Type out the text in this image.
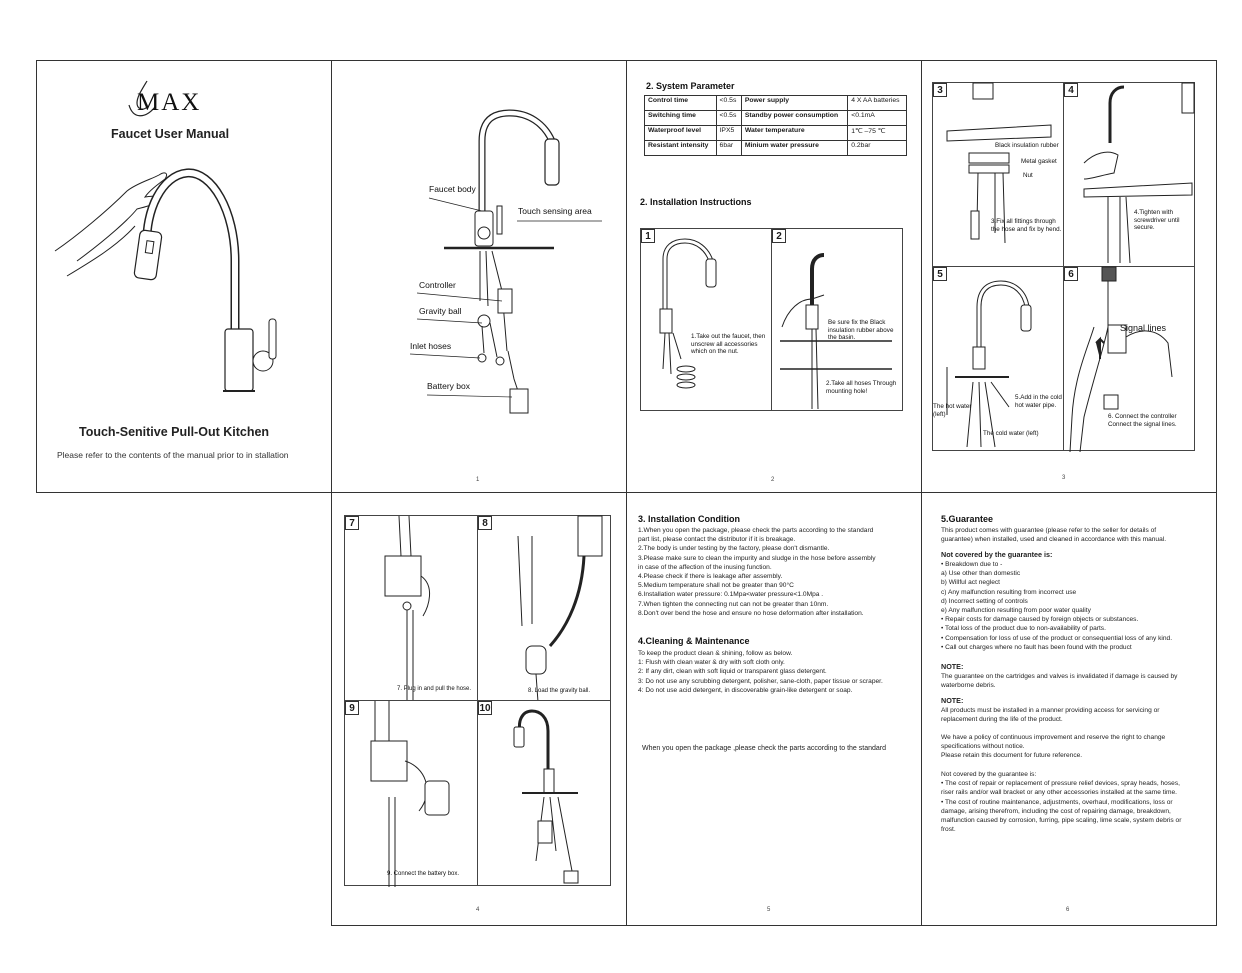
MAX
Faucet User Manual
Touch-Senitive Pull-Out Kitchen
Please refer to the contents of the manual prior to in stallation
Faucet body
Touch sensing area
Controller
Gravity ball
Inlet hoses
Battery box
1
2. System Parameter
Control time	<0.5s	Power supply	4 X AA batteries
Switching time	<0.5s	Standby power consumption	<0.1mA
Waterproof level	IPX5	Water temperature	1℃ –75 ℃
Resistant intensity	6bar	Minium water pressure	0.2bar
2. Installation Instructions
1
1.Take out the faucet, then unscrew all accessories which on the nut.
2
Be sure fix the Black insulation rubber above the basin.
2.Take all hoses Through mounting hole!
2
3
Black insulation rubber
Metal gasket
Nut
3.Fix all fittings through the hose and fix by hend.
4
4.Tighten with screwdriver until secure.
5
The hot water (left)
5.Add in the cold hot water pipe.
The cold water (left)
6
Signal lines
6. Connect the controller Connect the signal lines.
3
7
7. Plug in and pull the hose.
8
8. Load the gravity ball.
9
9. Connect the battery box.
10
4
3. Installation Condition
1.When you open the package, please check the parts according to the standard
part list, please contact the distributor if it is breakage.
2.The body is under testing by the factory, please don't dismantle.
3.Please make sure to clean the impurity and sludge in the hose before assembly
in case of the affection of the inusing function.
4.Please check if there is leakage after assembly.
5.Medium temperature shall not be greater than 90°C
6.Installation water pressure: 0.1Mpa<water pressure<1.0Mpa .
7.When tighten the connecting nut can not be greater than 10nm.
8.Don't over bend the hose and ensure no hose deformation after installation.
4.Cleaning & Maintenance
To keep the product clean & shining, follow as below.
1: Flush with clean water & dry with soft cloth only.
2: If any dirt, clean with soft liquid or transparent glass detergent.
3: Do not use any scrubbing detergent, polisher, sane-cloth, paper tissue or scraper.
4: Do not use acid detergent, in discoverable grain-like detergent or soap.
When you open the package ,please check the parts according to the standard
5
5.Guarantee
This product comes with guarantee (please refer to the seller for details of
guarantee) when installed, used and cleaned in accordance with this manual.
Not covered by the guarantee is:
• Breakdown due to -
a) Use other than domestic
b) Willful act neglect
c) Any malfunction resulting from incorrect use
d) Incorrect setting of controls
e) Any malfunction resulting from poor water quality
• Repair costs for damage caused by foreign objects or substances.
• Total loss of the product due to non-availability of parts.
• Compensation for loss of use of the product or consequential loss of any kind.
• Call out charges where no fault has been found with the product
NOTE:
The guarantee on the cartridges and valves is invalidated if damage is caused by
waterborne debris.
NOTE:
All products must be installed in a manner providing access for servicing or
replacement during the life of the product.
We have a policy of continuous improvement and reserve the right to change
specifications without notice.
Please retain this document for future reference.
Not covered by the guarantee is:
• The cost of repair or replacement of pressure relief devices, spray heads, hoses,
riser rails and/or wall bracket or any other accessories installed at the same time.
• The cost of routine maintenance, adjustments, overhaul, modifications, loss or
damage, arising therefrom, including the cost of repairing damage, breakdown,
malfunction caused by corrosion, furring, pipe scaling, lime scale, system debris or
frost.
6
